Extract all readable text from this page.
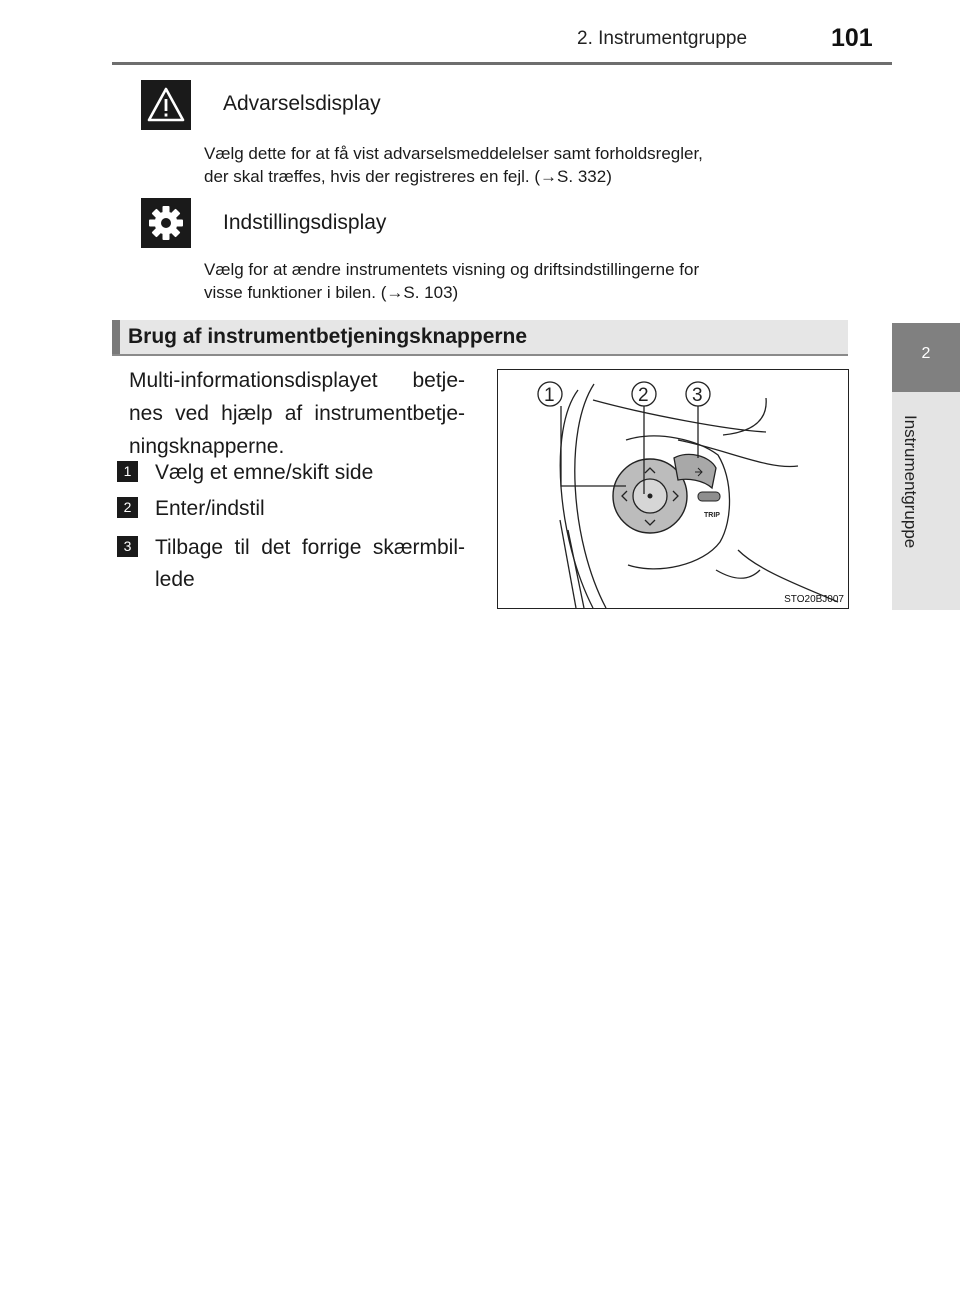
2. Instrumentgruppe	101
2
Instrumentgruppe
Advarselsdisplay
Vælg dette for at få vist advarselsmeddelelser samt forholdsregler,
der skal træffes, hvis der registreres en fejl. (→S. 332)
Indstillingsdisplay
Vælg for at ændre instrumentets visning og driftsindstillingerne for
visse funktioner i bilen. (→S. 103)
Brug af instrumentbetjeningsknapperne
Multi-informationsdisplayet betje-nes ved hjælp af instrumentbetje-ningsknapperne.
1	Vælg et emne/skift side
2	Enter/indstil
3	Tilbage til det forrige skærmbil-lede
TRIP
1	2 3
STO20BJ007
